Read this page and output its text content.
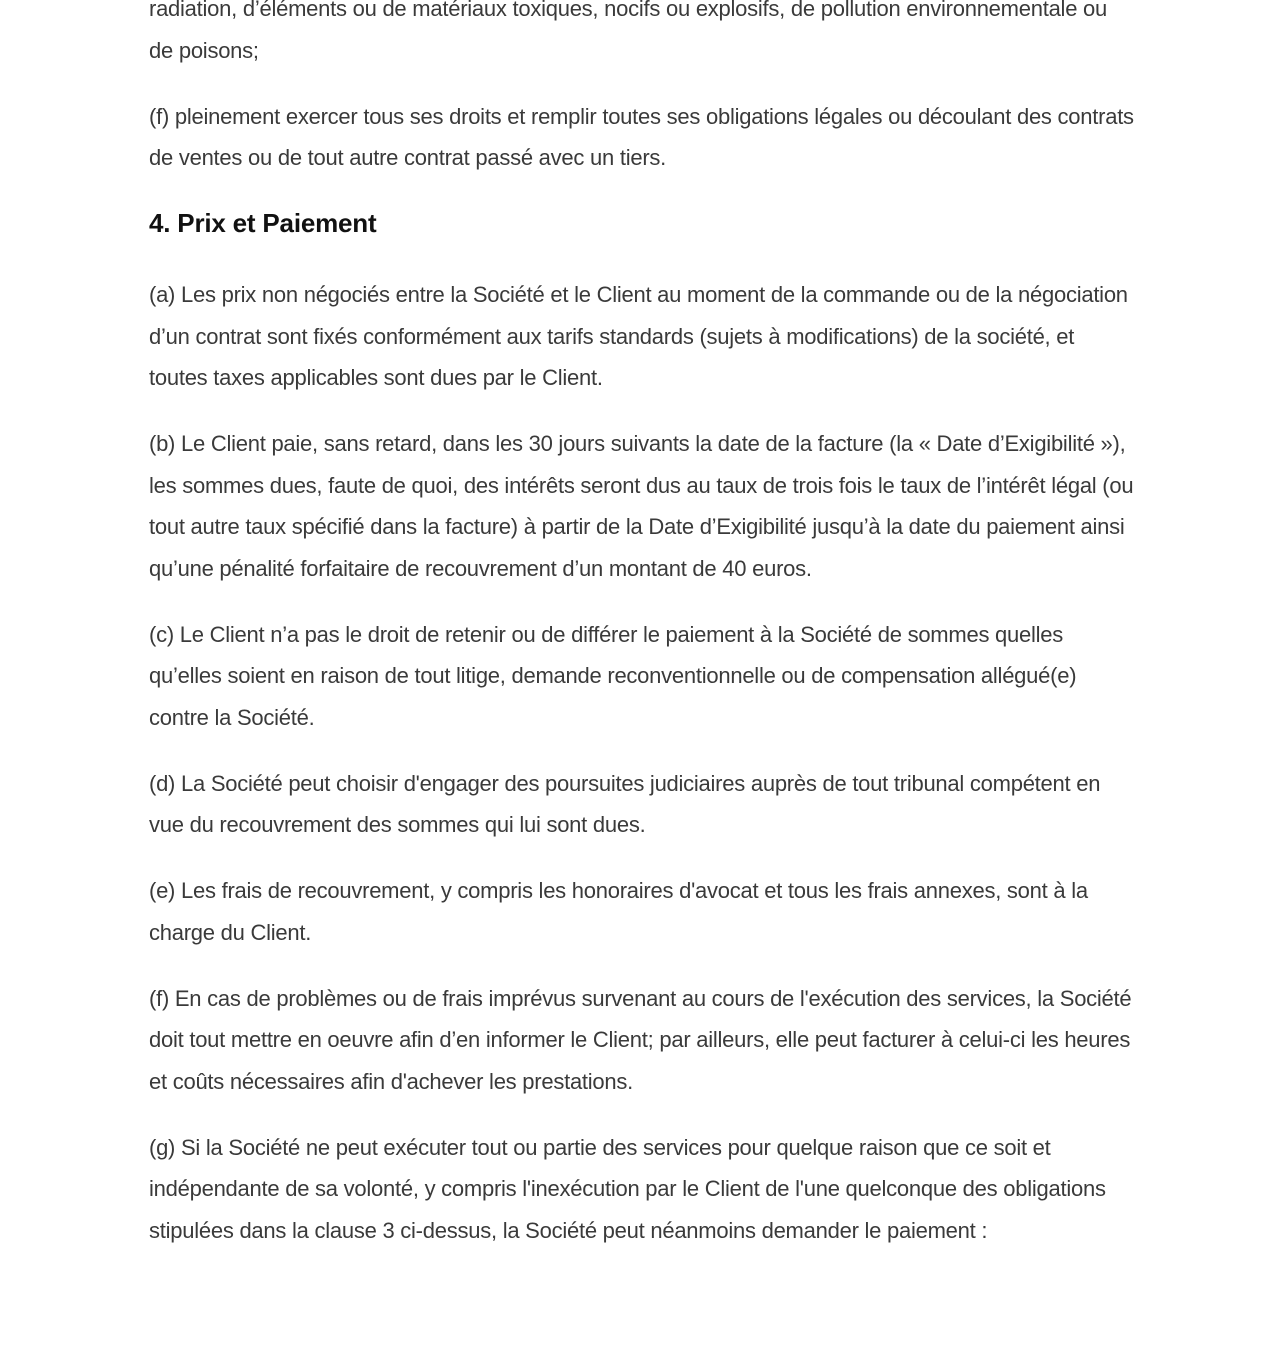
radiation, d’éléments ou de matériaux toxiques, nocifs ou explosifs, de pollution environnementale ou de poisons;

(f) pleinement exercer tous ses droits et remplir toutes ses obligations légales ou découlant des contrats de ventes ou de tout autre contrat passé avec un tiers.

4. Prix et Paiement

(a) Les prix non négociés entre la Société et le Client au moment de la commande ou de la négociation d’un contrat sont fixés conformément aux tarifs standards (sujets à modifications) de la société, et toutes taxes applicables sont dues par le Client.

(b) Le Client paie, sans retard, dans les 30 jours suivants la date de la facture (la « Date d’Exigibilité »), les sommes dues, faute de quoi, des intérêts seront dus au taux de trois fois le taux de l’intérêt légal (ou tout autre taux spécifié dans la facture) à partir de la Date d’Exigibilité jusqu’à la date du paiement ainsi qu’une pénalité forfaitaire de recouvrement d’un montant de 40 euros.

(c) Le Client n’a pas le droit de retenir ou de différer le paiement à la Société de sommes quelles qu’elles soient en raison de tout litige, demande reconventionnelle ou de compensation allégué(e) contre la Société.

(d) La Société peut choisir d'engager des poursuites judiciaires auprès de tout tribunal compétent en vue du recouvrement des sommes qui lui sont dues.

(e) Les frais de recouvrement, y compris les honoraires d'avocat et tous les frais annexes, sont à la charge du Client.

(f) En cas de problèmes ou de frais imprévus survenant au cours de l'exécution des services, la Société doit tout mettre en oeuvre afin d’en informer le Client; par ailleurs, elle peut facturer à celui-ci les heures et coûts nécessaires afin d'achever les prestations.

(g) Si la Société ne peut exécuter tout ou partie des services pour quelque raison que ce soit et indépendante de sa volonté, y compris l'inexécution par le Client de l'une quelconque des obligations stipulées dans la clause 3 ci-dessus, la Société peut néanmoins demander le paiement :
